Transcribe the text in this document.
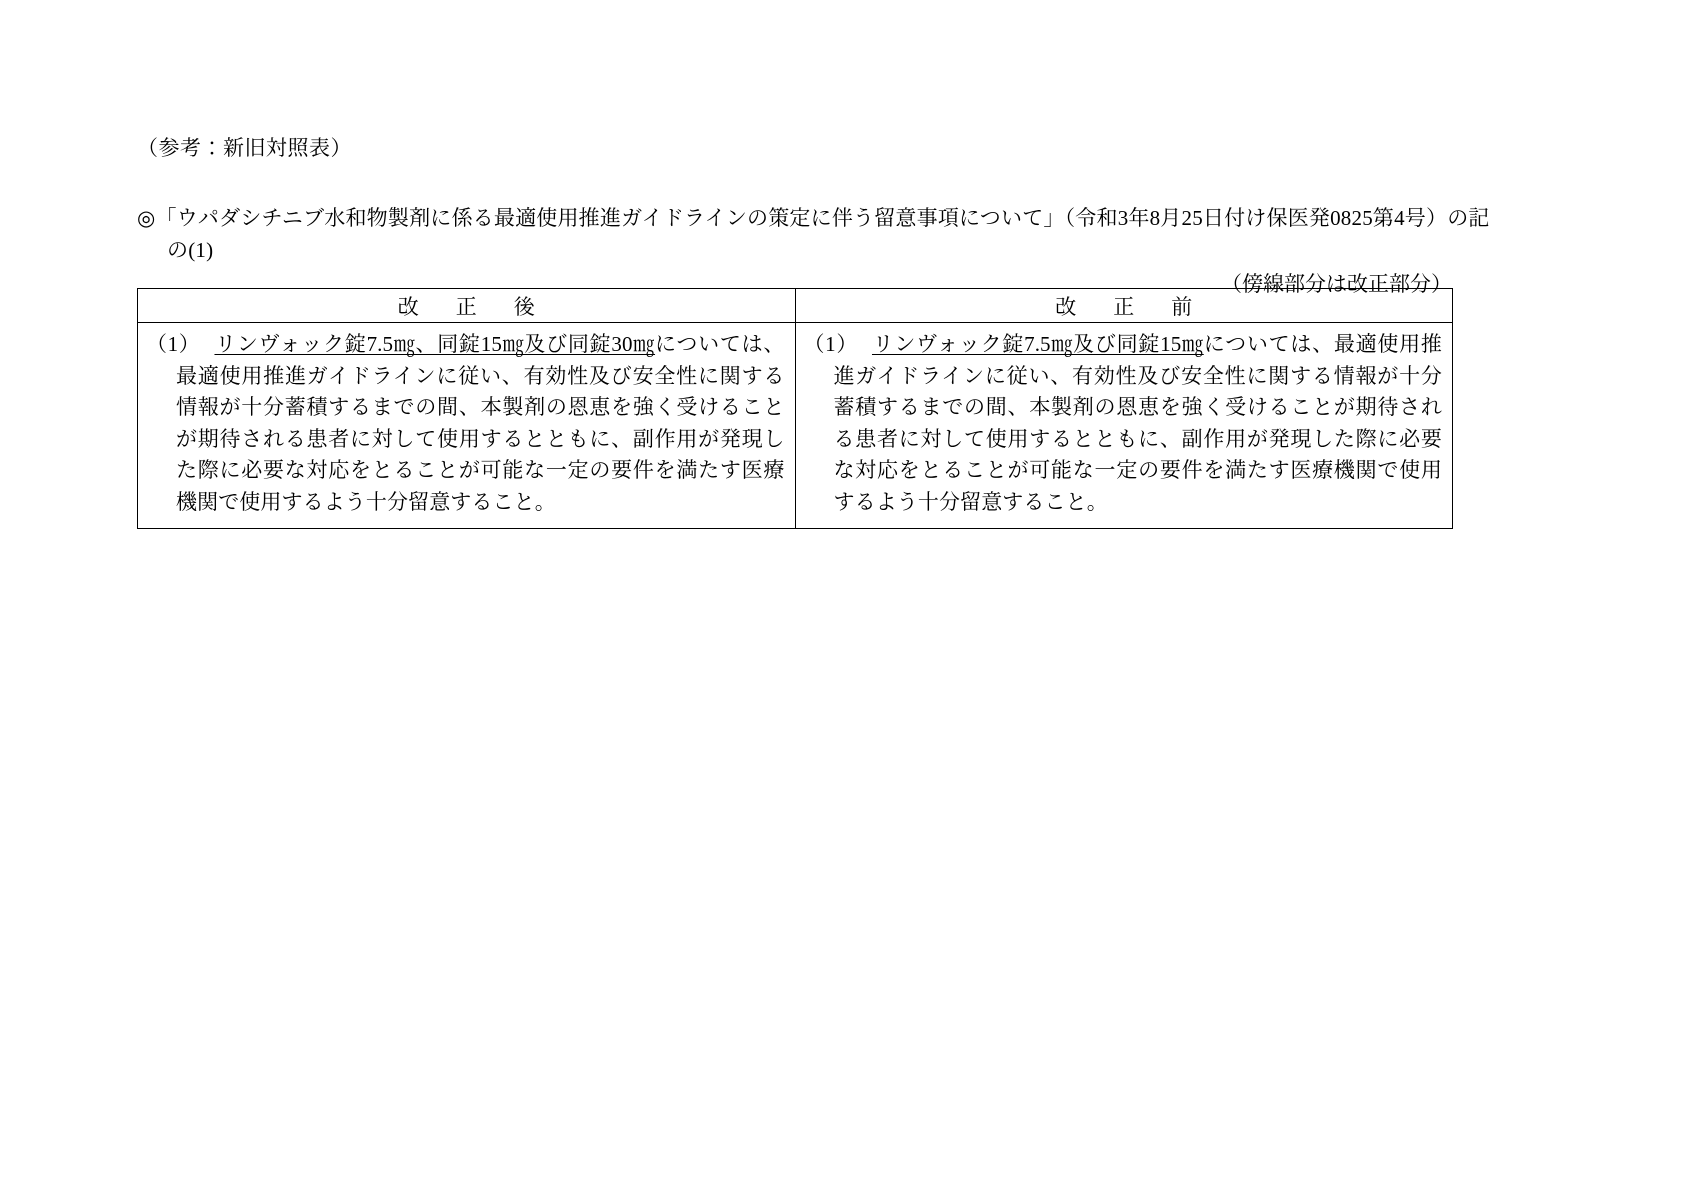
（参考：新旧対照表）
◎「ウパダシチニブ水和物製剤に係る最適使用推進ガイドラインの策定に伴う留意事項について」（令和3年8月25日付け保医発0825第4号）の記
の(1)
（傍線部分は改正部分）
改　正　後	改　正　前

（1） リンヴォック錠7.5㎎、同錠15㎎及び同錠30㎎については、最適使用推進ガイドラインに従い、有効性及び安全性に関する情報が十分蓄積するまでの間、本製剤の恩恵を強く受けることが期待される患者に対して使用するとともに、副作用が発現した際に必要な対応をとることが可能な一定の要件を満たす医療機関で使用するよう十分留意すること。	（1） リンヴォック錠7.5㎎及び同錠15㎎については、最適使用推進ガイドラインに従い、有効性及び安全性に関する情報が十分蓄積するまでの間、本製剤の恩恵を強く受けることが期待される患者に対して使用するとともに、副作用が発現した際に必要な対応をとることが可能な一定の要件を満たす医療機関で使用するよう十分留意すること。
